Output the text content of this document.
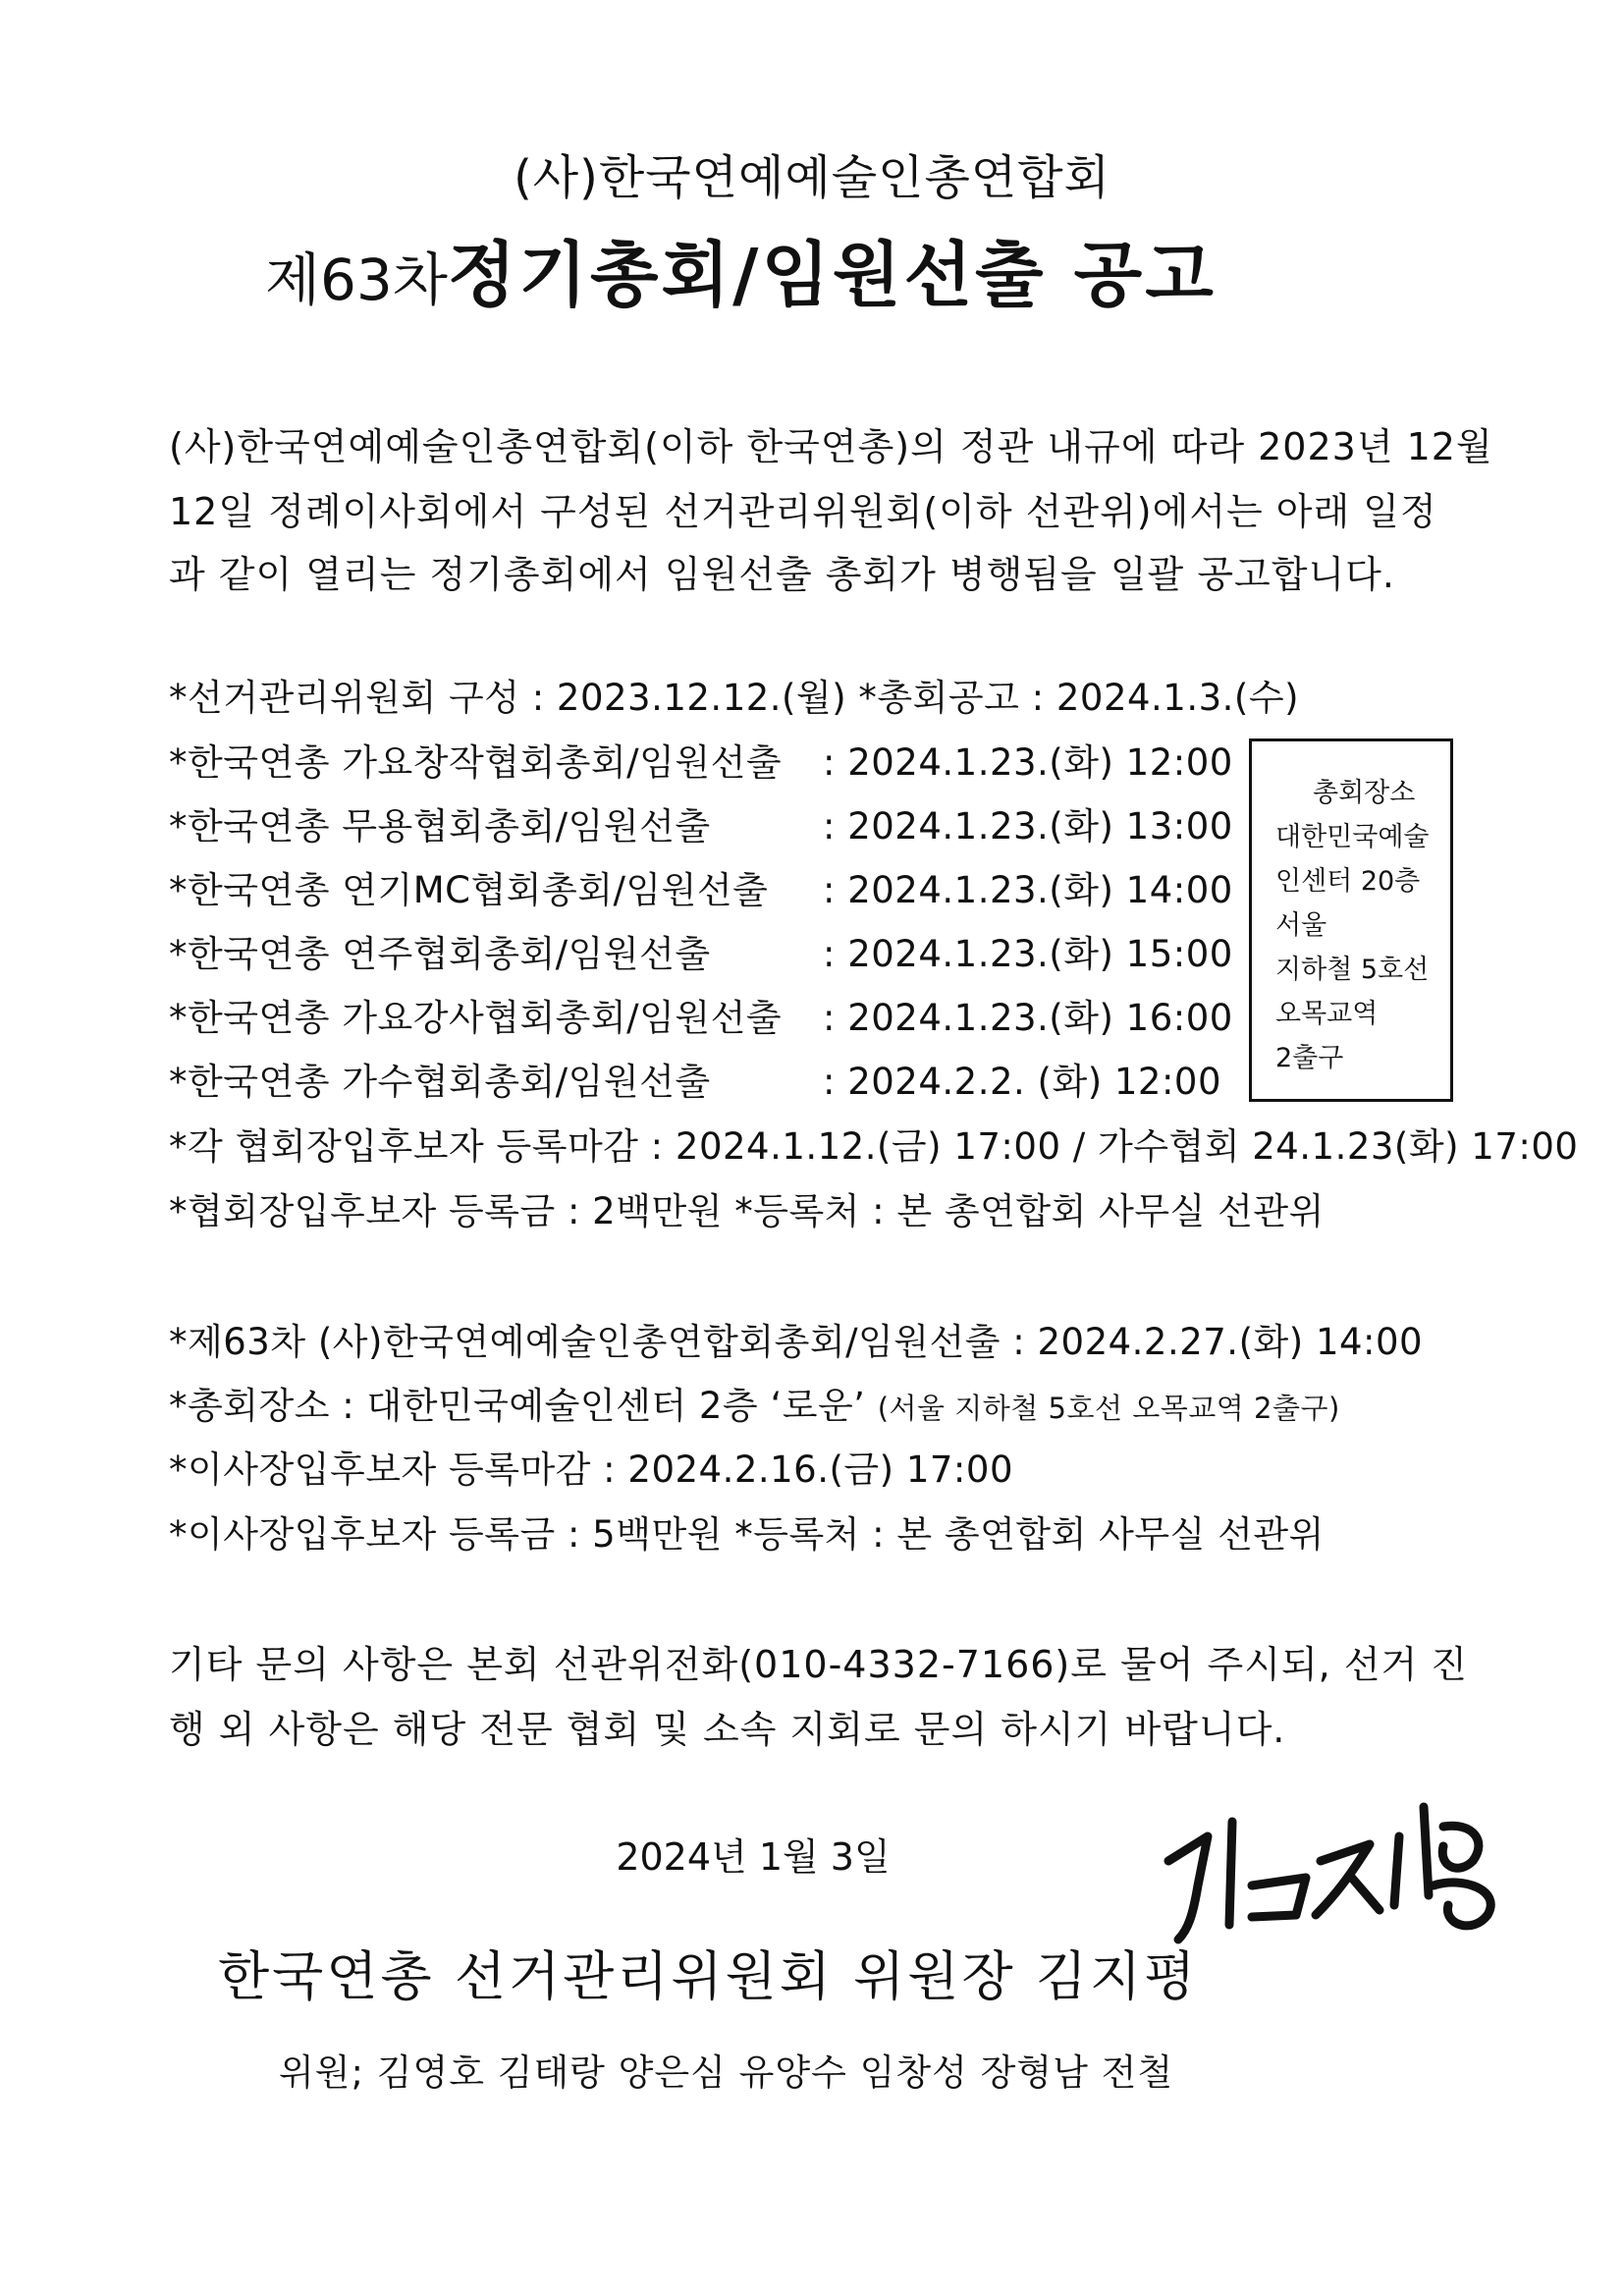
(사)한국연예예술인총연합회
제63차정기총회/임원선출 공고
(사)한국연예예술인총연합회(이하 한국연총)의 정관 내규에 따라 2023년 12월
12일 정례이사회에서 구성된 선거관리위원회(이하 선관위)에서는 아래 일정
과 같이 열리는 정기총회에서 임원선출 총회가 병행됨을 일괄 공고합니다.
*선거관리위원회 구성 : 2023.12.12.(월) *총회공고 : 2024.1.3.(수)
*한국연총 가요창작협회총회/임원선출 : 2024.1.23.(화) 12:00
*한국연총 무용협회총회/임원선출	: 2024.1.23.(화) 13:00
*한국연총 연기MC협회총회/임원선출 : 2024.1.23.(화) 14:00
*한국연총 연주협회총회/임원선출	: 2024.1.23.(화) 15:00
*한국연총 가요강사협회총회/임원선출 : 2024.1.23.(화) 16:00
*한국연총 가수협회총회/임원선출	: 2024.2.2. (화) 12:00
총회장소
대한민국예술
인센터 20층
서울
지하철 5호선
오목교역
2출구
*각 협회장입후보자 등록마감 : 2024.1.12.(금) 17:00 / 가수협회 24.1.23(화) 17:00
*협회장입후보자 등록금 : 2백만원 *등록처 : 본 총연합회 사무실 선관위
*제63차 (사)한국연예예술인총연합회총회/임원선출 : 2024.2.27.(화) 14:00
*총회장소 : 대한민국예술인센터 2층 ‘로운’ (서울 지하철 5호선 오목교역 2출구)
*이사장입후보자 등록마감 : 2024.2.16.(금) 17:00
*이사장입후보자 등록금 : 5백만원 *등록처 : 본 총연합회 사무실 선관위
기타 문의 사항은 본회 선관위전화(010-4332-7166)로 물어 주시되, 선거 진
행 외 사항은 해당 전문 협회 및 소속 지회로 문의 하시기 바랍니다.
2024년 1월 3일
한국연총 선거관리위원회 위원장 김지평
위원; 김영호 김태랑 양은심 유양수 임창성 장형남 전철
